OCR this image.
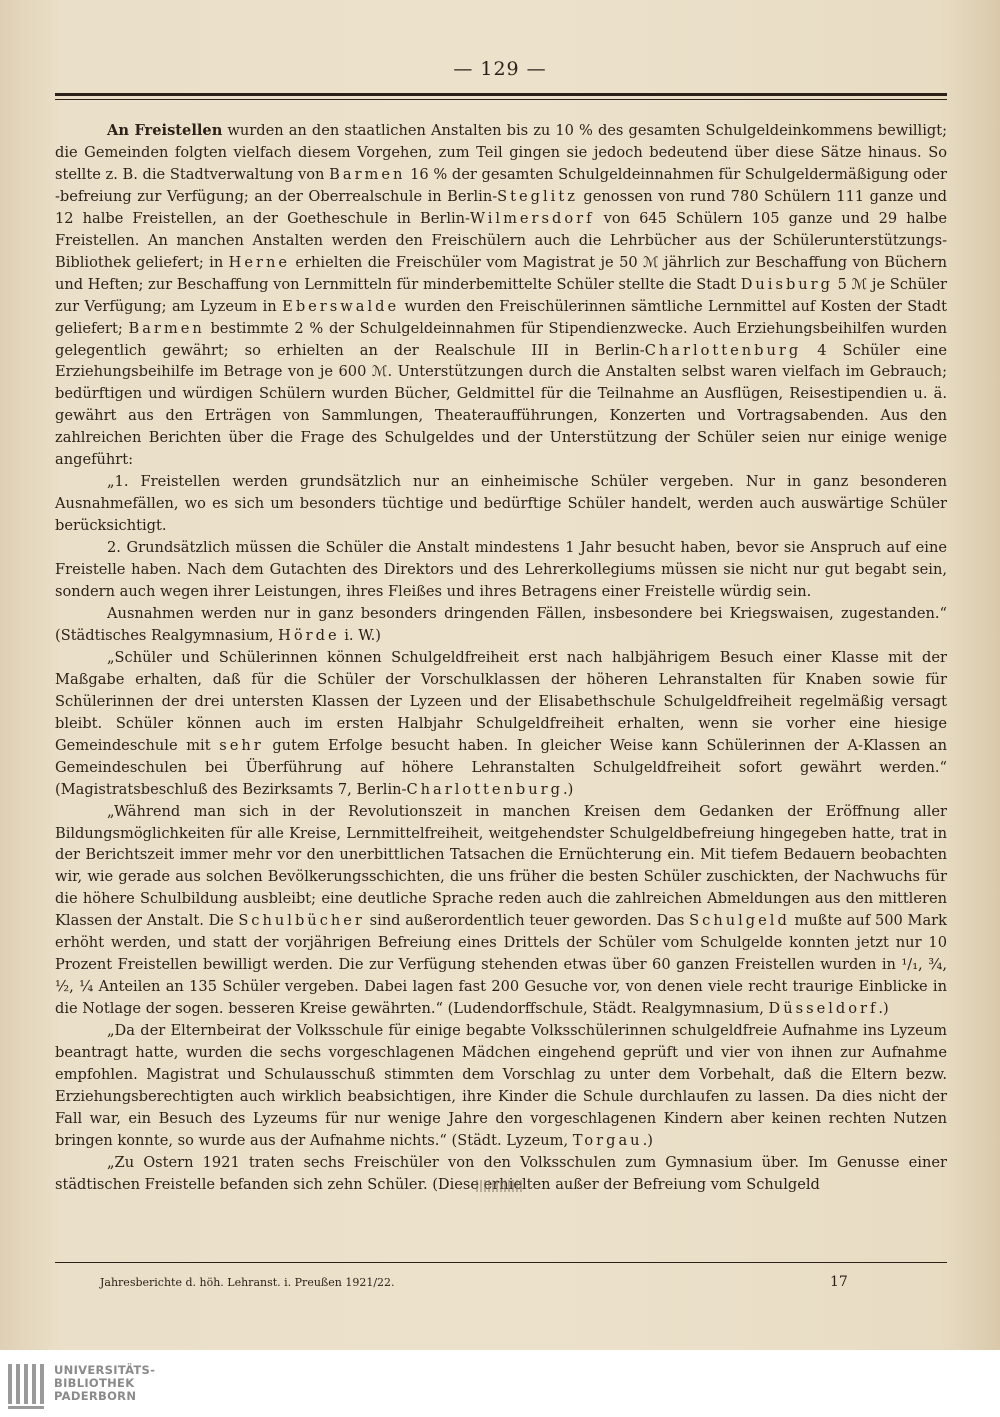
— 129 —

An Freistellen wurden an den staatlichen Anstalten bis zu 10 % des gesamten Schulgeldeinkommens bewilligt; die Gemeinden folgten vielfach diesem Vorgehen, zum Teil gingen sie jedoch bedeutend über diese Sätze hinaus. So stellte z. B. die Stadtverwaltung von Barmen 16 % der gesamten Schulgeldeinnahmen für Schulgeldermäßigung oder -befreiung zur Verfügung; an der Oberrealschule in Berlin-Steglitz genossen von rund 780 Schülern 111 ganze und 12 halbe Freistellen, an der Goetheschule in Berlin-Wilmersdorf von 645 Schülern 105 ganze und 29 halbe Freistellen. An manchen Anstalten werden den Freischülern auch die Lehrbücher aus der Schülerunterstützungs-Bibliothek geliefert; in Herne erhielten die Freischüler vom Magistrat je 50 ℳ jährlich zur Beschaffung von Büchern und Heften; zur Beschaffung von Lernmitteln für minderbemittelte Schüler stellte die Stadt Duisburg 5 ℳ je Schüler zur Verfügung; am Lyzeum in Eberswalde wurden den Freischülerinnen sämtliche Lernmittel auf Kosten der Stadt geliefert; Barmen bestimmte 2 % der Schulgeldeinnahmen für Stipendienzwecke. Auch Erziehungsbeihilfen wurden gelegentlich gewährt; so erhielten an der Realschule III in Berlin-Charlottenburg 4 Schüler eine Erziehungsbeihilfe im Betrage von je 600 ℳ. Unterstützungen durch die Anstalten selbst waren vielfach im Gebrauch; bedürftigen und würdigen Schülern wurden Bücher, Geldmittel für die Teilnahme an Ausflügen, Reisestipendien u. ä. gewährt aus den Erträgen von Sammlungen, Theateraufführungen, Konzerten und Vortragsabenden. Aus den zahlreichen Berichten über die Frage des Schulgeldes und der Unterstützung der Schüler seien nur einige wenige angeführt:

„1. Freistellen werden grundsätzlich nur an einheimische Schüler vergeben. Nur in ganz besonderen Ausnahmefällen, wo es sich um besonders tüchtige und bedürftige Schüler handelt, werden auch auswärtige Schüler berücksichtigt.

2. Grundsätzlich müssen die Schüler die Anstalt mindestens 1 Jahr besucht haben, bevor sie Anspruch auf eine Freistelle haben. Nach dem Gutachten des Direktors und des Lehrerkollegiums müssen sie nicht nur gut begabt sein, sondern auch wegen ihrer Leistungen, ihres Fleißes und ihres Betragens einer Freistelle würdig sein.

Ausnahmen werden nur in ganz besonders dringenden Fällen, insbesondere bei Kriegswaisen, zugestanden.“ (Städtisches Realgymnasium, Hörde i. W.)

„Schüler und Schülerinnen können Schulgeldfreiheit erst nach halbjährigem Besuch einer Klasse mit der Maßgabe erhalten, daß für die Schüler der Vorschulklassen der höheren Lehranstalten für Knaben sowie für Schülerinnen der drei untersten Klassen der Lyzeen und der Elisabethschule Schulgeldfreiheit regelmäßig versagt bleibt. Schüler können auch im ersten Halbjahr Schulgeldfreiheit erhalten, wenn sie vorher eine hiesige Gemeindeschule mit sehr gutem Erfolge besucht haben. In gleicher Weise kann Schülerinnen der A-Klassen an Gemeindeschulen bei Überführung auf höhere Lehranstalten Schulgeldfreiheit sofort gewährt werden.“ (Magistratsbeschluß des Bezirksamts 7, Berlin-Charlottenburg.)

„Während man sich in der Revolutionszeit in manchen Kreisen dem Gedanken der Eröffnung aller Bildungsmöglichkeiten für alle Kreise, Lernmittelfreiheit, weitgehendster Schulgeldbefreiung hingegeben hatte, trat in der Berichtszeit immer mehr vor den unerbittlichen Tatsachen die Ernüchterung ein. Mit tiefem Bedauern beobachten wir, wie gerade aus solchen Bevölkerungsschichten, die uns früher die besten Schüler zuschickten, der Nachwuchs für die höhere Schulbildung ausbleibt; eine deutliche Sprache reden auch die zahlreichen Abmeldungen aus den mittleren Klassen der Anstalt. Die Schulbücher sind außerordentlich teuer geworden. Das Schulgeld mußte auf 500 Mark erhöht werden, und statt der vorjährigen Befreiung eines Drittels der Schüler vom Schulgelde konnten jetzt nur 10 Prozent Freistellen bewilligt werden. Die zur Verfügung stehenden etwas über 60 ganzen Freistellen wurden in ¹/₁, ¾, ½, ¼ Anteilen an 135 Schüler vergeben. Dabei lagen fast 200 Gesuche vor, von denen viele recht traurige Einblicke in die Notlage der sogen. besseren Kreise gewährten.“ (Ludendorffschule, Städt. Realgymnasium, Düsseldorf.)

„Da der Elternbeirat der Volksschule für einige begabte Volksschülerinnen schulgeldfreie Aufnahme ins Lyzeum beantragt hatte, wurden die sechs vorgeschlagenen Mädchen eingehend geprüft und vier von ihnen zur Aufnahme empfohlen. Magistrat und Schulausschuß stimmten dem Vorschlag zu unter dem Vorbehalt, daß die Eltern bezw. Erziehungsberechtigten auch wirklich beabsichtigen, ihre Kinder die Schule durchlaufen zu lassen. Da dies nicht der Fall war, ein Besuch des Lyzeums für nur wenige Jahre den vorgeschlagenen Kindern aber keinen rechten Nutzen bringen konnte, so wurde aus der Aufnahme nichts.“ (Städt. Lyzeum, Torgau.)

„Zu Ostern 1921 traten sechs Freischüler von den Volksschulen zum Gymnasium über. Im Genusse einer städtischen Freistelle befanden sich zehn Schüler. (Diese erhielten außer der Befreiung vom Schulgeld

Jahresberichte d. höh. Lehranst. i. Preußen 1921/22.	17
UNIVERSITÄTS-
BIBLIOTHEK
PADERBORN
